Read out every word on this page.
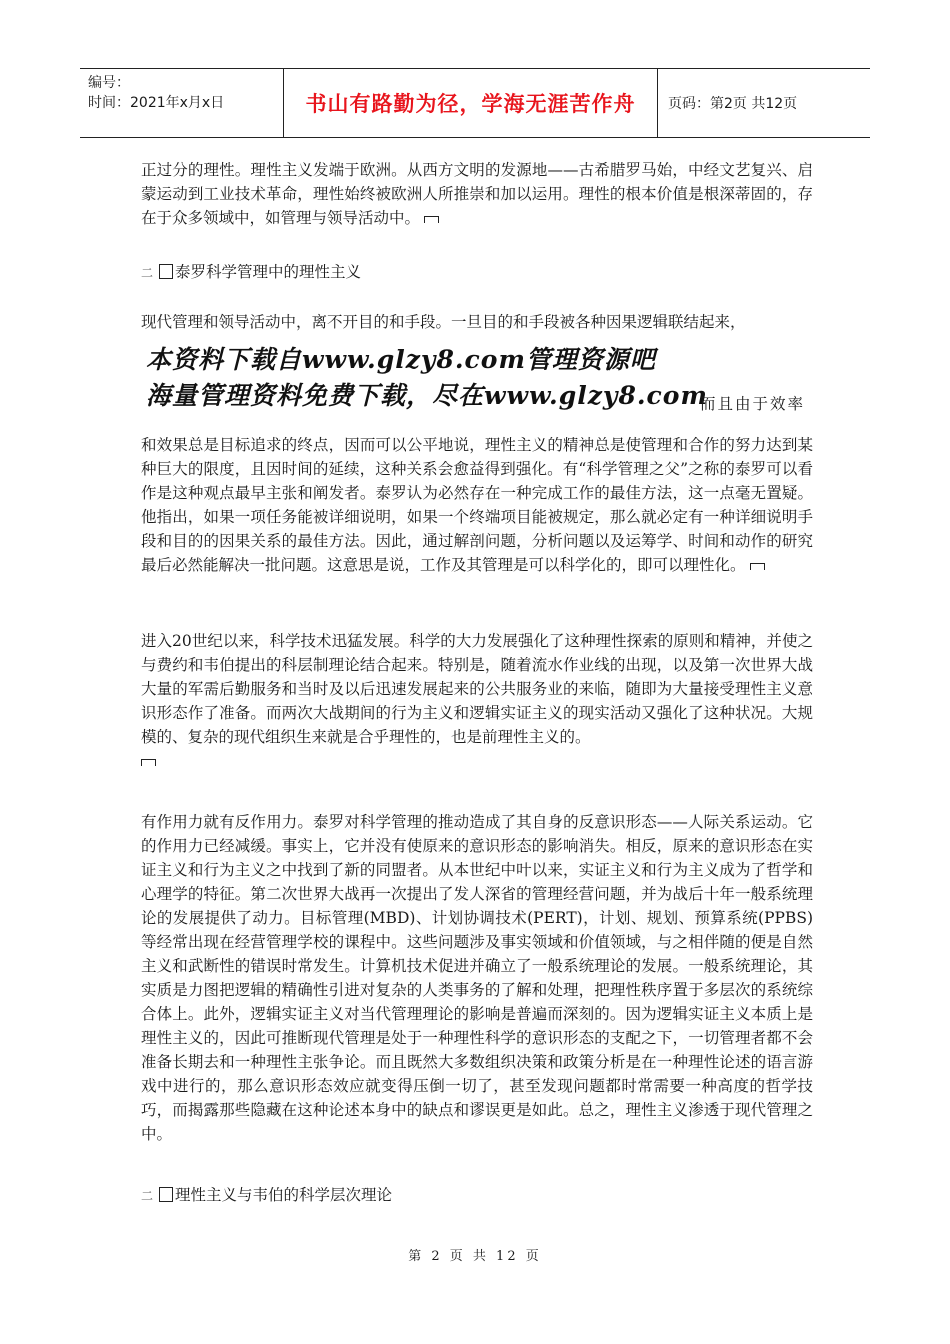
编号：
时间：2021年x月x日	书山有路勤为径，学海无涯苦作舟 页码：第2页 共12页

正过分的理性。理性主义发端于欧洲。从西方文明的发源地——古希腊罗马始，中经文艺复兴、启蒙运动到工业技术革命，理性始终被欧洲人所推崇和加以运用。理性的根本价值是根深蒂固的，存在于众多领域中，如管理与领导活动中。

二 泰罗科学管理中的理性主义

现代管理和领导活动中，离不开目的和手段。一旦目的和手段被各种因果逻辑联结起来，

本资料下载自www.glzy8.com管理资源吧
海量管理资料免费下载，尽在www.glzy8.com
而且由于效率

和效果总是目标追求的终点，因而可以公平地说，理性主义的精神总是使管理和合作的努力达到某种巨大的限度，且因时间的延续，这种关系会愈益得到强化。有“科学管理之父”之称的泰罗可以看作是这种观点最早主张和阐发者。泰罗认为必然存在一种完成工作的最佳方法，这一点毫无置疑。他指出，如果一项任务能被详细说明，如果一个终端项目能被规定，那么就必定有一种详细说明手段和目的的因果关系的最佳方法。因此，通过解剖问题，分析问题以及运筹学、时间和动作的研究最后必然能解决一批问题。这意思是说，工作及其管理是可以科学化的，即可以理性化。

进入20世纪以来，科学技术迅猛发展。科学的大力发展强化了这种理性探索的原则和精神，并使之与费约和韦伯提出的科层制理论结合起来。特别是，随着流水作业线的出现，以及第一次世界大战大量的军需后勤服务和当时及以后迅速发展起来的公共服务业的来临，随即为大量接受理性主义意识形态作了准备。而两次大战期间的行为主义和逻辑实证主义的现实活动又强化了这种状况。大规模的、复杂的现代组织生来就是合乎理性的，也是前理性主义的。

有作用力就有反作用力。泰罗对科学管理的推动造成了其自身的反意识形态——人际关系运动。它的作用力已经减缓。事实上，它并没有使原来的意识形态的影响消失。相反，原来的意识形态在实证主义和行为主义之中找到了新的同盟者。从本世纪中叶以来，实证主义和行为主义成为了哲学和心理学的特征。第二次世界大战再一次提出了发人深省的管理经营问题，并为战后十年一般系统理论的发展提供了动力。目标管理(MBD)、计划协调技术(PERT)，计划、规划、预算系统(PPBS)等经常出现在经营管理学校的课程中。这些问题涉及事实领域和价值领域，与之相伴随的便是自然主义和武断性的错误时常发生。计算机技术促进并确立了一般系统理论的发展。一般系统理论，其实质是力图把逻辑的精确性引进对复杂的人类事务的了解和处理，把理性秩序置于多层次的系统综合体上。此外，逻辑实证主义对当代管理理论的影响是普遍而深刻的。因为逻辑实证主义本质上是理性主义的，因此可推断现代管理是处于一种理性科学的意识形态的支配之下，一切管理者都不会准备长期去和一种理性主张争论。而且既然大多数组织决策和政策分析是在一种理性论述的语言游戏中进行的，那么意识形态效应就变得压倒一切了，甚至发现问题都时常需要一种高度的哲学技巧，而揭露那些隐藏在这种论述本身中的缺点和谬误更是如此。总之，理性主义渗透于现代管理之中。

二 理性主义与韦伯的科学层次理论
第 2 页 共 12 页
